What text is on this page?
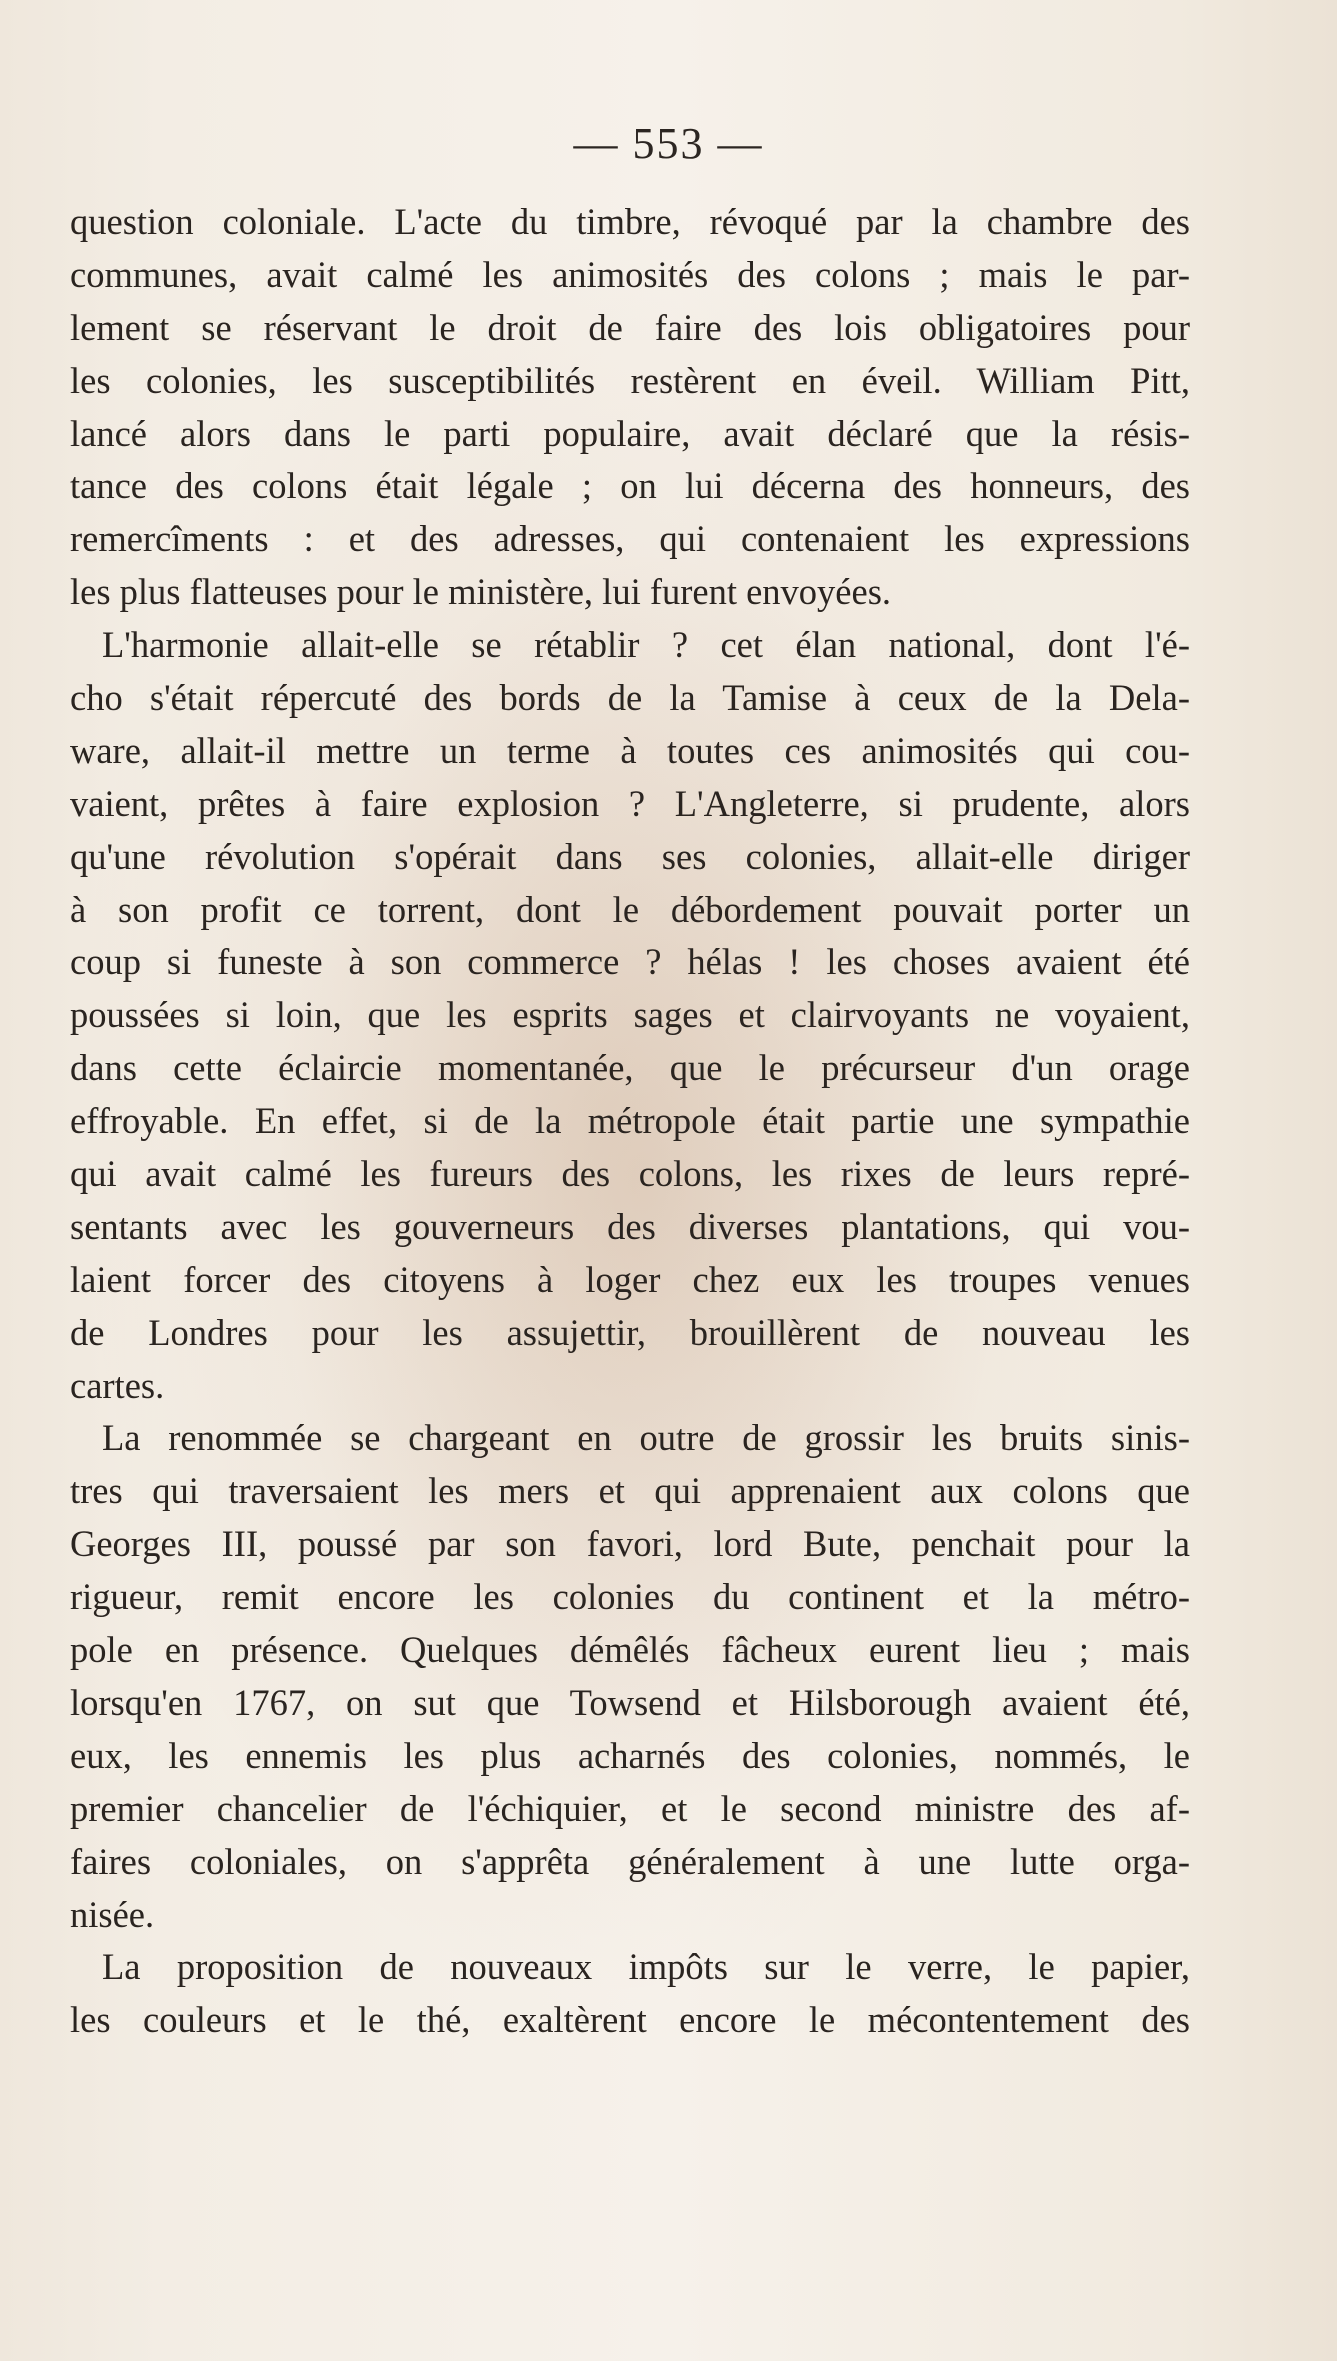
— 553 —
question coloniale. L'acte du timbre, révoqué par la chambre des
communes, avait calmé les animosités des colons ; mais le par-
lement se réservant le droit de faire des lois obligatoires pour
les colonies, les susceptibilités restèrent en éveil. William Pitt,
lancé alors dans le parti populaire, avait déclaré que la résis-
tance des colons était légale ; on lui décerna des honneurs, des
remercîments : et des adresses, qui contenaient les expressions
les plus flatteuses pour le ministère, lui furent envoyées.
L'harmonie allait-elle se rétablir ? cet élan national, dont l'é-
cho s'était répercuté des bords de la Tamise à ceux de la Dela-
ware, allait-il mettre un terme à toutes ces animosités qui cou-
vaient, prêtes à faire explosion ? L'Angleterre, si prudente, alors
qu'une révolution s'opérait dans ses colonies, allait-elle diriger
à son profit ce torrent, dont le débordement pouvait porter un
coup si funeste à son commerce ? hélas ! les choses avaient été
poussées si loin, que les esprits sages et clairvoyants ne voyaient,
dans cette éclaircie momentanée, que le précurseur d'un orage
effroyable. En effet, si de la métropole était partie une sympathie
qui avait calmé les fureurs des colons, les rixes de leurs repré-
sentants avec les gouverneurs des diverses plantations, qui vou-
laient forcer des citoyens à loger chez eux les troupes venues
de Londres pour les assujettir, brouillèrent de nouveau les
cartes.
La renommée se chargeant en outre de grossir les bruits sinis-
tres qui traversaient les mers et qui apprenaient aux colons que
Georges III, poussé par son favori, lord Bute, penchait pour la
rigueur, remit encore les colonies du continent et la métro-
pole en présence. Quelques démêlés fâcheux eurent lieu ; mais
lorsqu'en 1767, on sut que Towsend et Hilsborough avaient été,
eux, les ennemis les plus acharnés des colonies, nommés, le
premier chancelier de l'échiquier, et le second ministre des af-
faires coloniales, on s'apprêta généralement à une lutte orga-
nisée.
La proposition de nouveaux impôts sur le verre, le papier,
les couleurs et le thé, exaltèrent encore le mécontentement des
